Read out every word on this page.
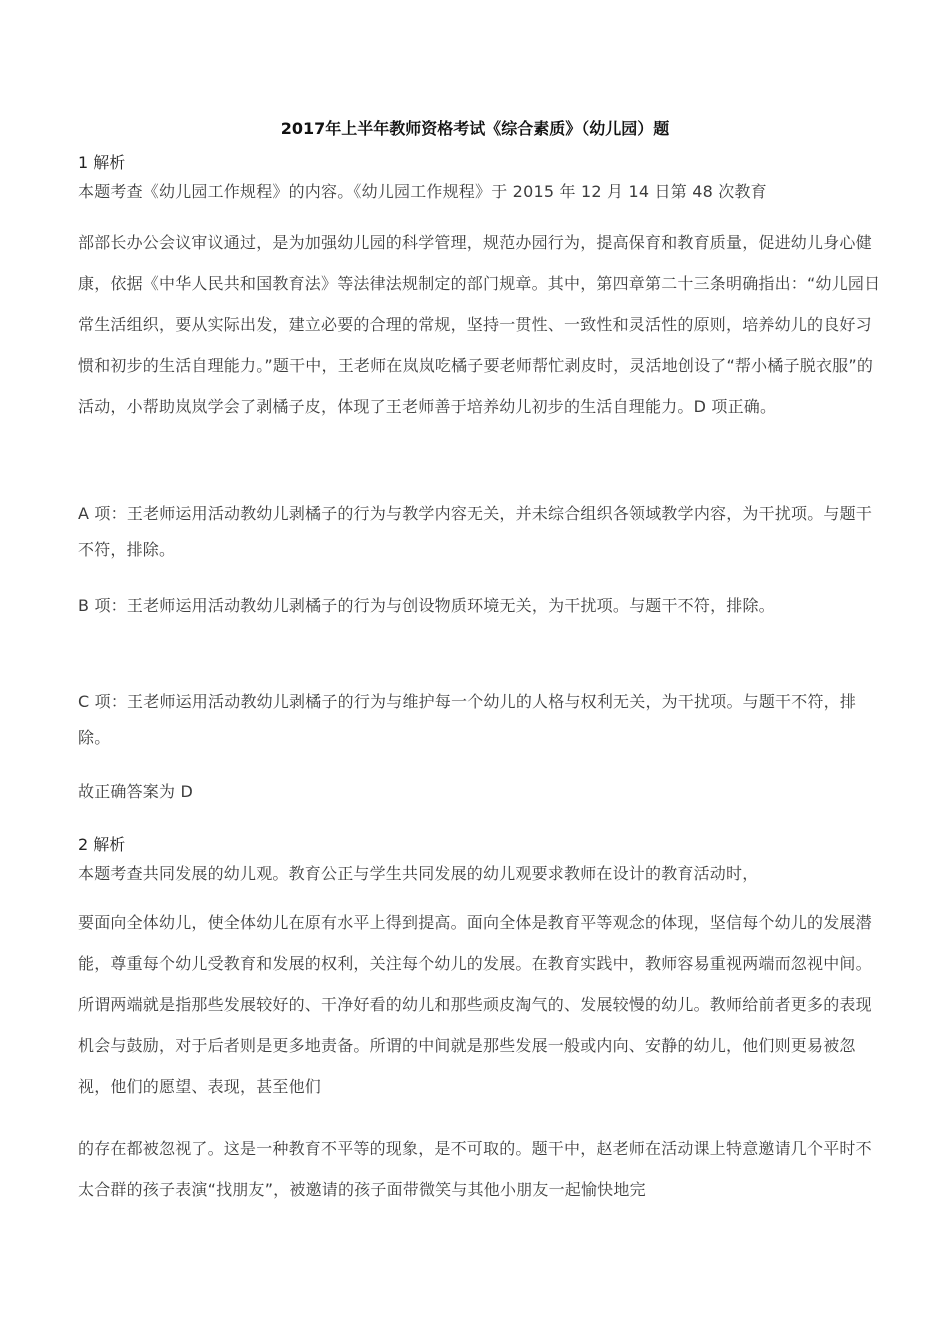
2017年上半年教师资格考试《综合素质》（幼儿园）题

1 解析

本题考查《幼儿园工作规程》的内容。《幼儿园工作规程》于 2015 年 12 月 14 日第 48 次教育

部部长办公会议审议通过，是为加强幼儿园的科学管理，规范办园行为，提高保育和教育质量，促进幼儿身心健康，依据《中华人民共和国教育法》等法律法规制定的部门规章。其中，第四章第二十三条明确指出：“幼儿园日常生活组织，要从实际出发，建立必要的合理的常规，坚持一贯性、一致性和灵活性的原则，培养幼儿的良好习惯和初步的生活自理能力。”题干中，王老师在岚岚吃橘子要老师帮忙剥皮时，灵活地创设了“帮小橘子脱衣服”的活动，小帮助岚岚学会了剥橘子皮，体现了王老师善于培养幼儿初步的生活自理能力。D 项正确。

A 项：王老师运用活动教幼儿剥橘子的行为与教学内容无关，并未综合组织各领域教学内容，为干扰项。与题干不符，排除。

B 项：王老师运用活动教幼儿剥橘子的行为与创设物质环境无关，为干扰项。与题干不符，排除。

C 项：王老师运用活动教幼儿剥橘子的行为与维护每一个幼儿的人格与权利无关，为干扰项。与题干不符，排除。

故正确答案为 D

2 解析

本题考查共同发展的幼儿观。教育公正与学生共同发展的幼儿观要求教师在设计的教育活动时，

要面向全体幼儿，使全体幼儿在原有水平上得到提高。面向全体是教育平等观念的体现，坚信每个幼儿的发展潜能，尊重每个幼儿受教育和发展的权利，关注每个幼儿的发展。在教育实践中，教师容易重视两端而忽视中间。所谓两端就是指那些发展较好的、干净好看的幼儿和那些顽皮淘气的、发展较慢的幼儿。教师给前者更多的表现机会与鼓励，对于后者则是更多地责备。所谓的中间就是那些发展一般或内向、安静的幼儿，他们则更易被忽视，他们的愿望、表现，甚至他们

的存在都被忽视了。这是一种教育不平等的现象，是不可取的。题干中，赵老师在活动课上特意邀请几个平时不太合群的孩子表演“找朋友”，被邀请的孩子面带微笑与其他小朋友一起愉快地完
